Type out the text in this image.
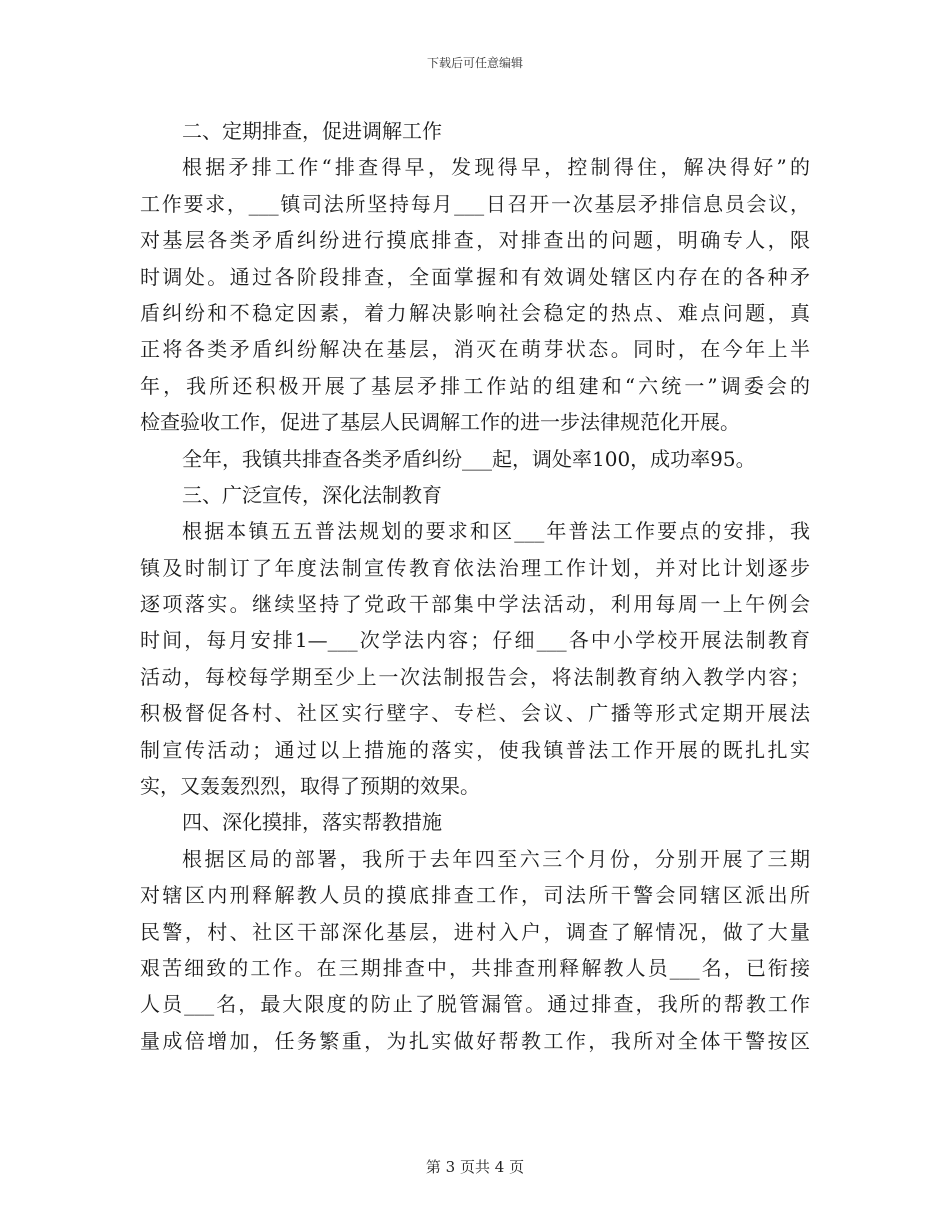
下载后可任意编辑
二、定期排查，促进调解工作
根据矛排工作“排查得早，发现得早，控制得住，解决得好”的
工作要求，___镇司法所坚持每月___日召开一次基层矛排信息员会议，
对基层各类矛盾纠纷进行摸底排查，对排查出的问题，明确专人，限
时调处。通过各阶段排查，全面掌握和有效调处辖区内存在的各种矛
盾纠纷和不稳定因素，着力解决影响社会稳定的热点、难点问题，真
正将各类矛盾纠纷解决在基层，消灭在萌芽状态。同时，在今年上半
年，我所还积极开展了基层矛排工作站的组建和“六统一”调委会的
检查验收工作，促进了基层人民调解工作的进一步法律规范化开展。
全年，我镇共排查各类矛盾纠纷___起，调处率100，成功率95。
三、广泛宣传，深化法制教育
根据本镇五五普法规划的要求和区___年普法工作要点的安排，我
镇及时制订了年度法制宣传教育依法治理工作计划，并对比计划逐步
逐项落实。继续坚持了党政干部集中学法活动，利用每周一上午例会
时间，每月安排1—___次学法内容；仔细___各中小学校开展法制教育
活动，每校每学期至少上一次法制报告会，将法制教育纳入教学内容；
积极督促各村、社区实行壁字、专栏、会议、广播等形式定期开展法
制宣传活动；通过以上措施的落实，使我镇普法工作开展的既扎扎实
实，又轰轰烈烈，取得了预期的效果。
四、深化摸排，落实帮教措施
根据区局的部署，我所于去年四至六三个月份，分别开展了三期
对辖区内刑释解教人员的摸底排查工作，司法所干警会同辖区派出所
民警，村、社区干部深化基层，进村入户，调查了解情况，做了大量
艰苦细致的工作。在三期排查中，共排查刑释解教人员___名，已衔接
人员___名，最大限度的防止了脱管漏管。通过排查，我所的帮教工作
量成倍增加，任务繁重，为扎实做好帮教工作，我所对全体干警按区
第 3 页共 4 页
